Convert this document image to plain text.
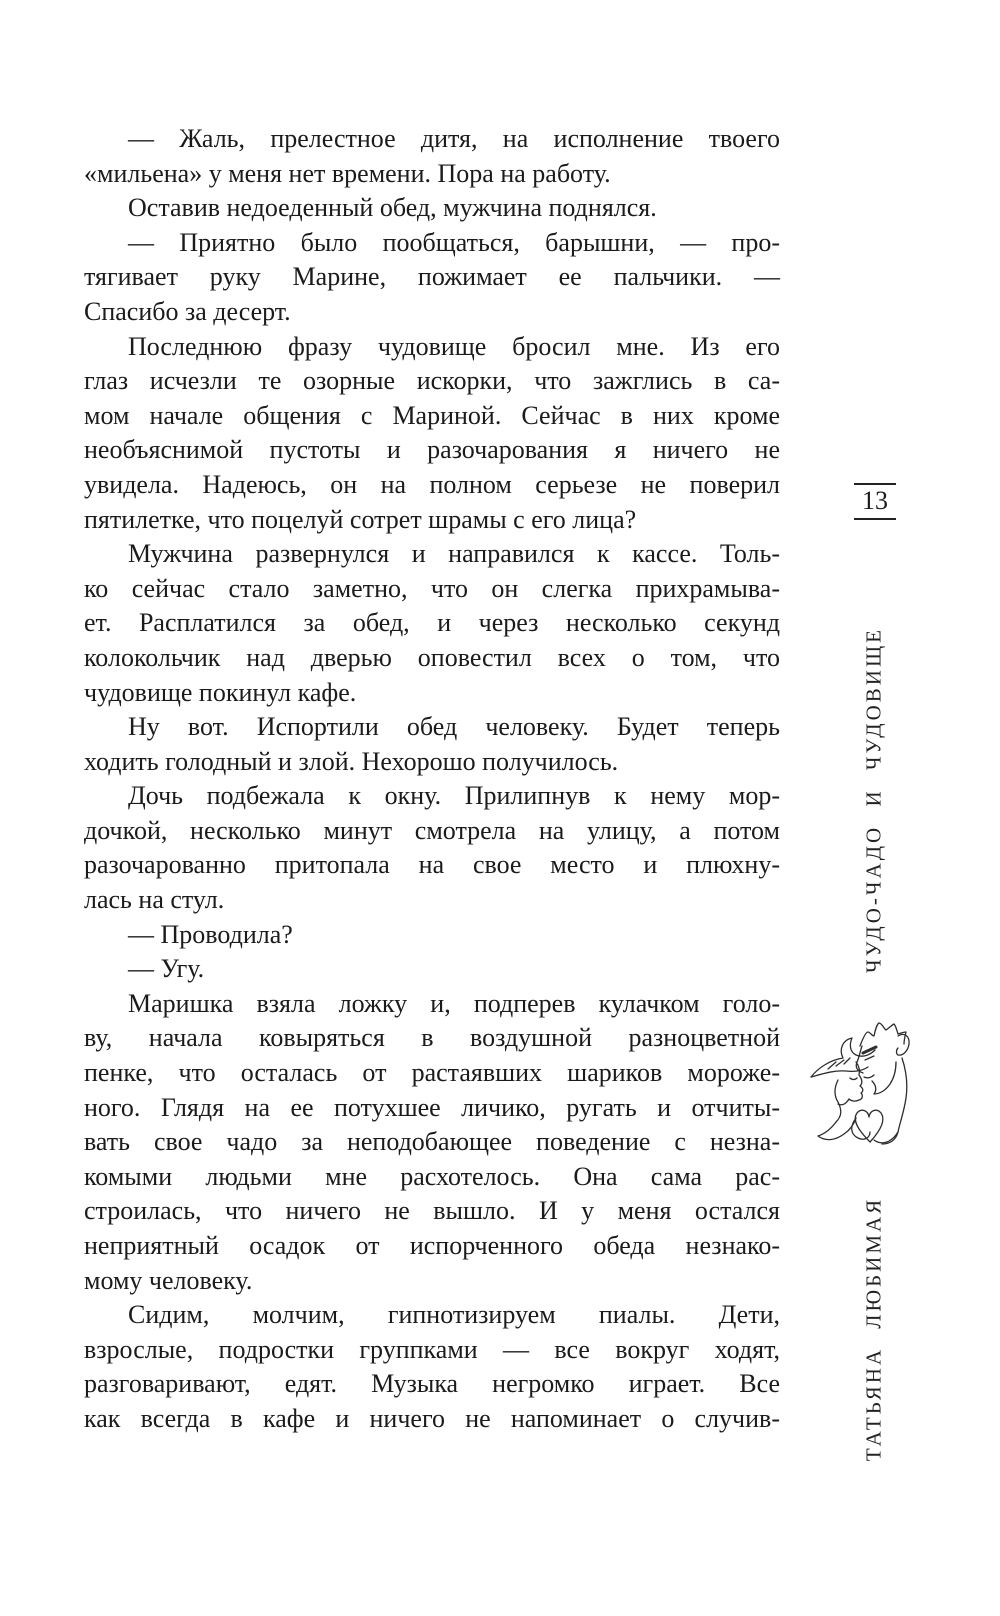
— Жаль, прелестное дитя, на исполнение твоего
«мильена» у меня нет времени. Пора на работу.
Оставив недоеденный обед, мужчина поднялся.
— Приятно было пообщаться, барышни, — про-
тягивает руку Марине, пожимает ее пальчики. —
Спасибо за десерт.
Последнюю фразу чудовище бросил мне. Из его
глаз исчезли те озорные искорки, что зажглись в са-
мом начале общения с Мариной. Сейчас в них кроме
необъяснимой пустоты и разочарования я ничего не
увидела. Надеюсь, он на полном серьезе не поверил
пятилетке, что поцелуй сотрет шрамы с его лица?
Мужчина развернулся и направился к кассе. Толь-
ко сейчас стало заметно, что он слегка прихрамыва-
ет. Расплатился за обед, и через несколько секунд
колокольчик над дверью оповестил всех о том, что
чудовище покинул кафе.
Ну вот. Испортили обед человеку. Будет теперь
ходить голодный и злой. Нехорошо получилось.
Дочь подбежала к окну. Прилипнув к нему мор-
дочкой, несколько минут смотрела на улицу, а потом
разочарованно притопала на свое место и плюхну-
лась на стул.
— Проводила?
— Угу.
Маришка взяла ложку и, подперев кулачком голо-
ву, начала ковыряться в воздушной разноцветной
пенке, что осталась от растаявших шариков мороже-
ного. Глядя на ее потухшее личико, ругать и отчиты-
вать свое чадо за неподобающее поведение с незна-
комыми людьми мне расхотелось. Она сама рас-
строилась, что ничего не вышло. И у меня остался
неприятный осадок от испорченного обеда незнако-
мому человеку.
Сидим, молчим, гипнотизируем пиалы. Дети,
взрослые, подростки группками — все вокруг ходят,
разговаривают, едят. Музыка негромко играет. Все
как всегда в кафе и ничего не напоминает о случив-
13
ЧУДО-ЧАДО И ЧУДОВИЩЕ
ТАТЬЯНА ЛЮБИМАЯ
